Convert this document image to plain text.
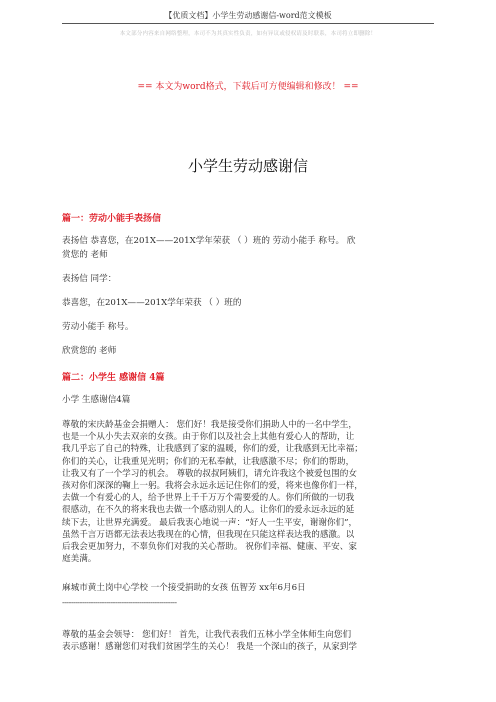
【优质文档】小学生劳动感谢信-word范文模板
本文部分内容来自网络整理，本司不为其真实性负责，如有异议或侵权请及时联系，本司将立即删除！
== 本文为word格式，下载后可方便编辑和修改！ ==
小学生劳动感谢信
篇一：劳动小能手表扬信
表扬信 恭喜您，在201X——201X学年荣获 （ ）班的 劳动小能手 称号。 欣
赏您的 老师
表扬信 同学：
恭喜您，在201X——201X学年荣获 （ ）班的
劳动小能手 称号。
欣赏您的 老师
篇二：小学生 感谢信 4篇
小学 生感谢信4篇
尊敬的宋庆龄基金会捐赠人： 您们好！我是接受你们捐助人中的一名中学生，
也是一个从小失去双亲的女孩。由于你们以及社会上其他有爱心人的帮助，让
我几乎忘了自己的特殊，让我感到了家的温暖，你们的爱，让我感到无比幸福；
你们的关心，让我重见光明；你们的无私奉献，让我感激不尽；你们的帮助，
让我又有了一个学习的机会。 尊敬的叔叔阿姨们，请允许我这个被爱包围的女
孩对你们深深的鞠上一躬。我将会永远永远记住你们的爱，将来也像你们一样，
去做一个有爱心的人，给予世界上千千万万个需要爱的人。你们所做的一切我
很感动，在不久的将来我也去做一个感动别人的人。让你们的爱永远永远的延
续下去，让世界充满爱。 最后我衷心地说一声：“好人一生平安，谢谢你们”，
虽然千言万语都无法表达我现在的心情，但我现在只能这样表达我的感激。以
后我会更加努力，不辜负你们对我的关心帮助。 祝你们幸福、健康、平安、家
庭美满。
麻城市黄土岗中心学校 一个接受捐助的女孩 伍智芳 xx年6月6日
----------------------------------------------------
尊敬的基金会领导： 您们好！ 首先，让我代表我们五林小学全体师生向您们
表示感谢！感谢您们对我们贫困学生的关心！ 我是一个深山的孩子，从家到学
